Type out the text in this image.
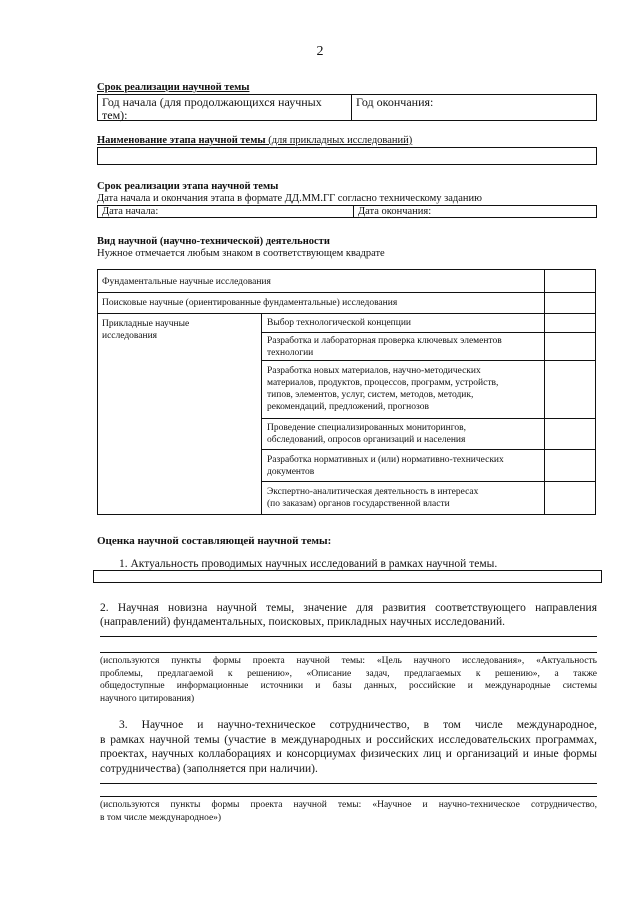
2
Срок реализации научной темы
Год начала (для продолжающихся научных
тем):
Год окончания:
Наименование этапа научной темы (для прикладных исследований)
Срок реализации этапа научной темы
Дата начала и окончания этапа в формате ДД.ММ.ГГ согласно техническому заданию
Дата начала:	Дата окончания:
Вид научной (научно-технической) деятельности
Нужное отмечается любым знаком в соответствующем квадрате
Фундаментальные научные исследования
Поисковые научные (ориентированные фундаментальные) исследования
Прикладные научные
исследования
Выбор технологической концепции
Разработка и лабораторная проверка ключевых элементов
технологии
Разработка новых материалов, научно-методических
материалов, продуктов, процессов, программ, устройств,
типов, элементов, услуг, систем, методов, методик,
рекомендаций, предложений, прогнозов
Проведение специализированных мониторингов,
обследований, опросов организаций и населения
Разработка нормативных и (или) нормативно-технических
документов
Экспертно-аналитическая деятельность в интересах
(по заказам) органов государственной власти
Оценка научной составляющей научной темы:
1. Актуальность проводимых научных исследований в рамках научной темы.
2. Научная новизна научной темы, значение для развития соответствующего направления
(направлений) фундаментальных, поисковых, прикладных научных исследований.
(используются пункты формы проекта научной темы: «Цель научного исследования», «Актуальность
проблемы, предлагаемой к решению», «Описание задач, предлагаемых к решению», а также
общедоступные информационные источники и базы данных, российские и международные системы
научного цитирования)
3. Научное и научно-техническое сотрудничество, в том числе международное,
в рамках научной темы (участие в международных и российских исследовательских программах,
проектах, научных коллаборациях и консорциумах физических лиц и организаций и иные формы
сотрудничества) (заполняется при наличии).
(используются пункты формы проекта научной темы: «Научное и научно-техническое сотрудничество,
в том числе международное»)
